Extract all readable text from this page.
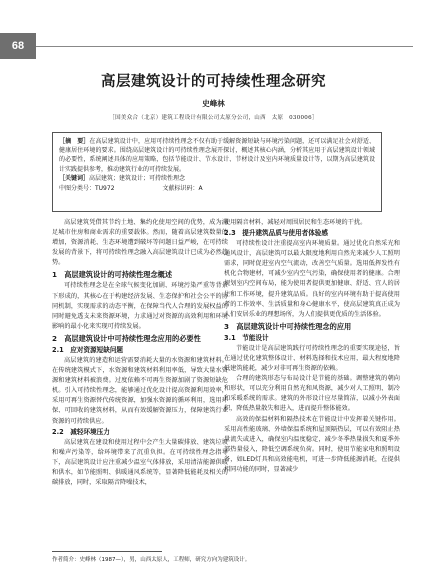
68
高层建筑设计的可持续性理念研究
史峰林
［国美众合（北京）建筑工程设计有限公司太原分公司，山西　太原　030006］

［摘　要］在高层建筑设计中，应用可持续性理念不仅有助于缓解资源短缺与环境污染问题，还可以满足社会对舒适、健康居住环境的要求。围绕高层建筑设计的可持续性理念展开探讨，概述其核心内涵，分析其应用于高层建筑设计领域的必要性，系统阐述具体的应用策略，包括节能设计、节水设计、节材设计及室内环境质量设计等，以期为高层建筑设计实践提供参考，推动建筑行业的可持续发展。

［关键词］高层建筑；建筑设计；可持续性理念

中图分类号：TU972	文献标识码：A

高层建筑凭借其节约土地、集约化使用空间的优势，成为满足城市住房和商业需求的重要载体。然而，随着高层建筑数量的增加，资源消耗、生态环境遭到破坏等问题日益严峻，在可持续发展的背景下，将可持续性理念融入高层建筑设计已成为必然趋势。

1　高层建筑设计的可持续性理念概述

可持续性理念是在全球气候变化加剧、环境污染严重等背景下形成的，其核心在于构建经济发展、生态保护和社会公平的协同机制，实现需求的动态平衡，在保障当代人合理的发展权益的同时避免透支未来资源环境，力求通过对资源的高效利用和环境影响的最小化来实现可持续发展。

2　高层建筑设计中可持续性理念应用的必要性
2.1　应对资源短缺问题

高层建筑的建造和运营需要消耗大量的水资源和建筑材料。在传统建筑模式下，水资源和建筑材料利用率低，导致大量水资源和建筑材料被浪费。过度依赖不可再生资源加剧了资源短缺危机。引入可持续性理念，能够通过优化设计提高资源利用效率，采用可再生资源替代传统资源，加强水资源的循环利用，选用环保、可回收的建筑材料，从而有效缓解资源压力，保障建筑行业资源的可持续供应。

2.2　减轻环境压力

高层建筑在建设和使用过程中会产生大量碳排放、建筑垃圾和噪声污染等，给环境带来了沉重负担。在可持续性理念指导下，高层建筑设计应注重减少温室气体排放，采用清洁能源供暖和供水，如节能照明、供暖通风系统等，显著降低能耗及相关的碳排放，同时，采取隔音降噪技术，

使用隔音材料，减轻对周围居民和生态环境的干扰。

2.3　提升建筑品质与使用者体验感

可持续性设计注重提高室内环境质量。通过优化自然采光和通风设计，高层建筑可以最大限度地利用自然光来减少人工照明需求，同时促进室内空气流动，改善空气质量。选用低挥发性有机化合物建材，可减少室内空气污染，确保使用者的健康。合理规划室内空间布局，能为使用者提供更加健康、舒适、宜人的居住和工作环境，提升建筑品质。良好的室内环境有助于提高使用者的工作效率、生活质量和身心健康水平，使高层建筑真正成为人们安居乐业的理想场所，为人们提供更优质的生活体验。

3　高层建筑设计中可持续性理念的应用
3.1　节能设计

节能设计是高层建筑践行可持续性理念的重要实现途径，旨在通过优化建筑整体设计、材料选择和技术应用，最大程度地降低建筑能耗，减少对非可再生资源的依赖。

合理的建筑形态与布局设计是节能的基础。调整建筑的朝向和形状，可以充分利用自然光和风资源，减少对人工照明、制冷和采暖系统的需求。建筑的外形设计应尽量简洁，以减小外表面积，降低热量散失和进入，进而提升整体能效。

高效的保温材料和隔热技术在节能设计中发挥着关键作用。采用高性能玻璃、外墙保温系统和屋顶隔热层，可以有效阻止热量流失或进入，确保室内温度稳定，减少冬季热量损失和夏季外部热量侵入，降低空调系统负荷。同时，使用节能家电和照明设备，如LED灯具和高效能电机，可进一步降低能源消耗，在提供相同功能的同时，显著减少

作者简介：史峰林（1987—），男，山西太原人，工程师，研究方向为建筑设计。
